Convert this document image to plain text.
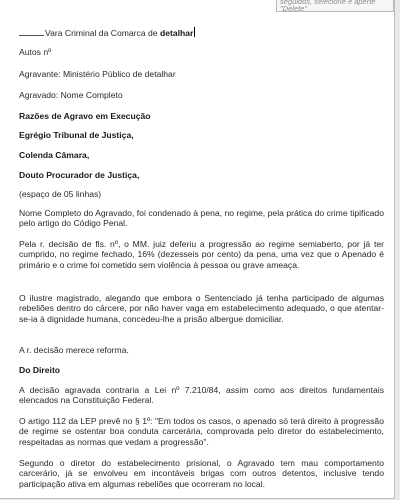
seguidos, selecione e aperte
"Delete"

Vara Criminal da Comarca de detalhar

Autos nº

Agravante: Ministério Público de detalhar

Agravado: Nome Completo

Razões de Agravo em Execução

Egrégio Tribunal de Justiça,

Colenda Câmara,

Douto Procurador de Justiça,

(espaço de 05 linhas)

Nome Completo do Agravado, foi condenado à pena, no regime, pela prática do crime tipificado pelo artigo do Código Penal.

Pela r. decisão de fls. nº, o MM. juiz deferiu a progressão ao regime semiaberto, por já ter cumprido, no regime fechado, 16% (dezesseis por cento) da pena, uma vez que o Apenado é primário e o crime foi cometido sem violência à pessoa ou grave ameaça.

O ilustre magistrado, alegando que embora o Sentenciado já tenha participado de algumas rebeliões dentro do cárcere, por não haver vaga em estabelecimento adequado, o que atentar-se-ia à dignidade humana, concedeu-lhe a prisão albergue domiciliar.

A r. decisão merece reforma.

Do Direito

A decisão agravada contraria a Lei nº 7.210/84, assim como aos direitos fundamentais elencados na Constituição Federal.

O artigo 112 da LEP prevê no § 1º: "Em todos os casos, o apenado só terá direito à progressão de regime se ostentar boa conduta carcerária, comprovada pelo diretor do estabelecimento, respeitadas as normas que vedam a progressão".

Segundo o diretor do estabelecimento prisional, o Agravado tem mau comportamento carcerário, já se envolveu em incontáveis brigas com outros detentos, inclusive tendo participação ativa em algumas rebeliões que ocorreram no local.
